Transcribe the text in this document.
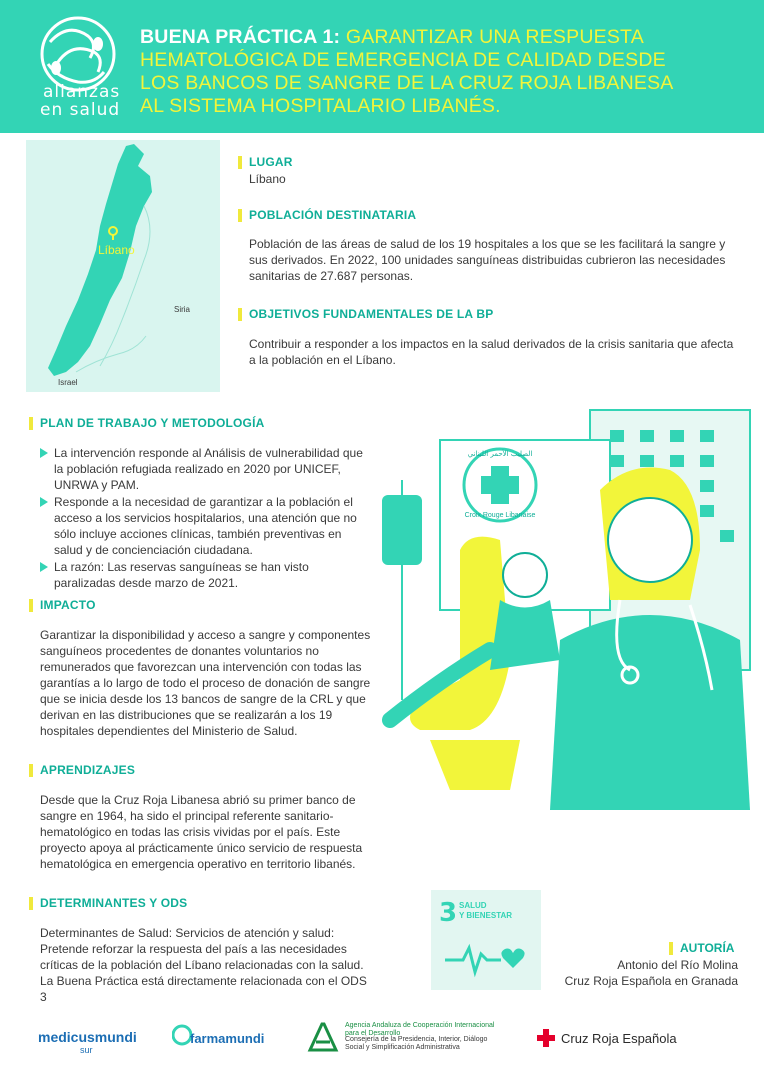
alianzas
en salud
BUENA PRÁCTICA 1: GARANTIZAR UNA RESPUESTA HEMATOLÓGICA DE EMERGENCIA DE CALIDAD DESDE LOS BANCOS DE SANGRE DE LA CRUZ ROJA LIBANESA AL SISTEMA HOSPITALARIO LIBANÉS.
Líbano
Siria
Israel
LUGAR
Líbano
POBLACIÓN DESTINATARIA
Población de las áreas de salud de los 19 hospitales a los que se les facilitará la sangre y sus derivados. En 2022, 100 unidades sanguíneas distribuidas cubrieron las necesidades sanitarias de 27.687 personas.
OBJETIVOS FUNDAMENTALES DE LA BP
Contribuir a responder a los impactos en la salud derivados de la crisis sanitaria que afecta a la población en el Líbano.
PLAN DE TRABAJO Y METODOLOGÍA
La intervención responde al Análisis de vulnerabilidad que la población refugiada realizado en 2020 por UNICEF, UNRWA y PAM.
Responde a la necesidad de garantizar a la población el acceso a los servicios hospitalarios, una atención que no sólo incluye acciones clínicas, también preventivas en salud y de concienciación ciudadana.
La razón: Las reservas sanguíneas se han visto paralizadas desde marzo de 2021.
IMPACTO
Garantizar la disponibilidad y acceso a sangre y componentes sanguíneos procedentes de donantes voluntarios no remunerados que favorezcan una intervención con todas las garantías a lo largo de todo el proceso de donación de sangre que se inicia desde los 13 bancos de sangre de la CRL y que derivan en las distribuciones que se realizarán a los 19 hospitales dependientes del Ministerio de Salud.
APRENDIZAJES
Desde que la Cruz Roja Libanesa abrió su primer banco de sangre en 1964, ha sido el principal referente sanitario-hematológico en todas las crisis vividas por el país. Este proyecto apoya al prácticamente único servicio de respuesta hematológica en emergencia operativo en territorio libanés.
DETERMINANTES Y ODS
Determinantes de Salud: Servicios de atención y salud: Pretende reforzar la respuesta del país a las necesidades críticas de la población del Líbano relacionadas con la salud. La Buena Práctica está directamente relacionada con el ODS 3
Croix Rouge Libanaise
الصليب الأحمر اللبناني
3 SALUD
Y BIENESTAR
AUTORÍA
Antonio del Río Molina
Cruz Roja Española en Granada
medicusmundi
sur
farmamundi
Agencia Andaluza de Cooperación Internacional para el Desarrollo
Consejería de la Presidencia, Interior, Diálogo Social y Simplificación Administrativa
Cruz Roja Española
